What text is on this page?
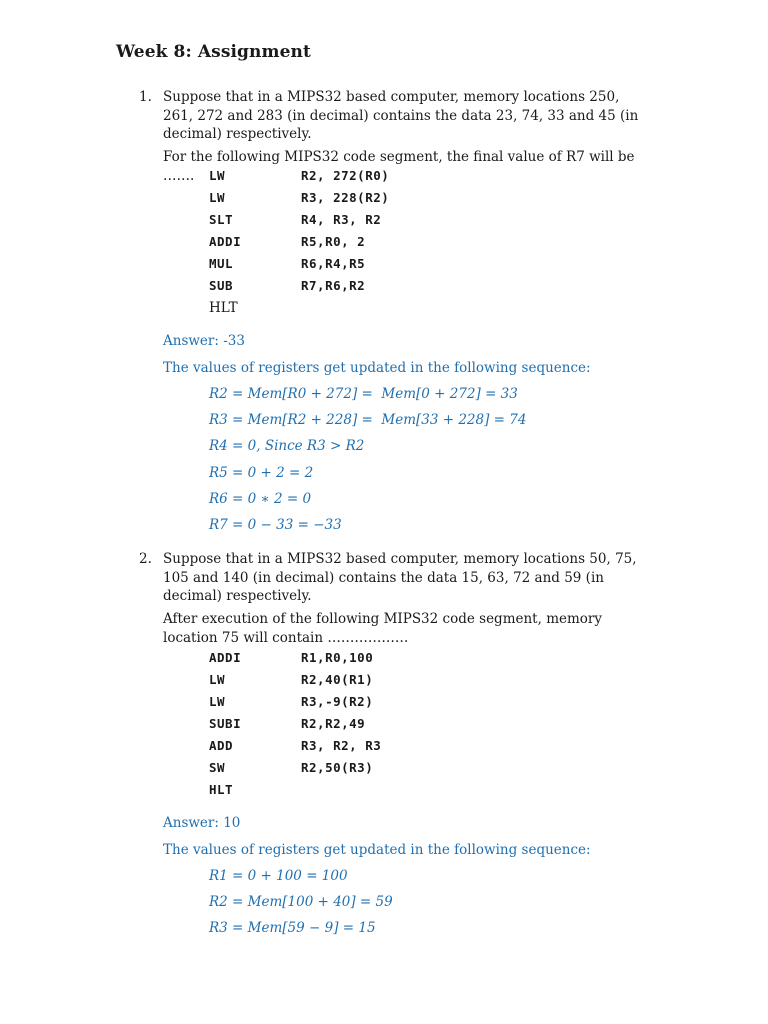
Week 8: Assignment
1. Suppose that in a MIPS32 based computer, memory locations 250, 261, 272 and 283 (in decimal) contains the data 23, 74, 33 and 45 (in decimal) respectively.
For the following MIPS32 code segment, the final value of R7 will be …….	LW	R2, 272(R0)
LW	R3, 228(R2)
SLT	R4, R3, R2
ADDI	R5,R0, 2
MUL	R6,R4,R5
SUB	R7,R6,R2
HLT
Answer: -33
The values of registers get updated in the following sequence:
R2 = Mem[R0 + 272] =  Mem[0 + 272] = 33
R3 = Mem[R2 + 228] =  Mem[33 + 228] = 74
R4 = 0, Since R3 > R2
R5 = 0 + 2 = 2
R6 = 0 ∗ 2 = 0
R7 = 0 − 33 = −33
2. Suppose that in a MIPS32 based computer, memory locations 50, 75, 105 and 140 (in decimal) contains the data 15, 63, 72 and 59 (in decimal) respectively.
After execution of the following MIPS32 code segment, memory location 75 will contain ………………
ADDI	R1,R0,100
LW	R2,40(R1)
LW	R3,-9(R2)
SUBI	R2,R2,49
ADD	R3, R2, R3
SW	R2,50(R3)
HLT
Answer: 10
The values of registers get updated in the following sequence:
R1 = 0 + 100 = 100
R2 = Mem[100 + 40] = 59
R3 = Mem[59 − 9] = 15
